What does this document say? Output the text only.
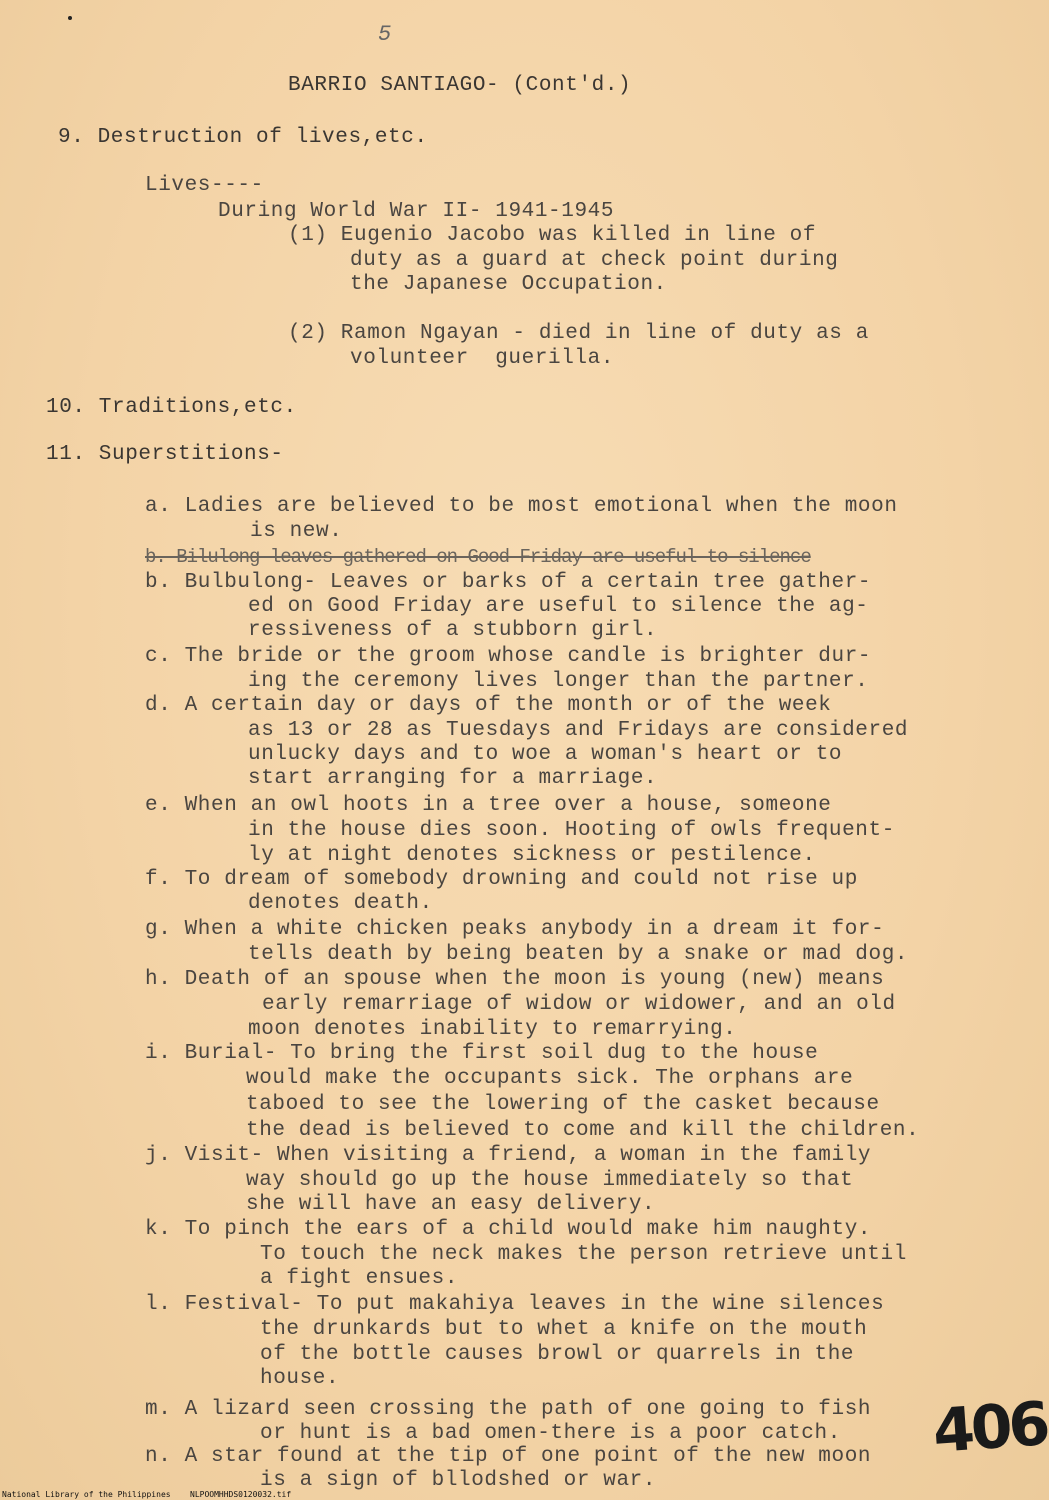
5
BARRIO SANTIAGO- (Cont'd.)
9. Destruction of lives,etc.
Lives----
During World War II- 1941-1945
(1) Eugenio Jacobo was killed in line of
duty as a guard at check point during
the Japanese Occupation.
(2) Ramon Ngayan - died in line of duty as a
volunteer  guerilla.
10. Traditions,etc.
11. Superstitions-
a. Ladies are believed to be most emotional when the moon
is new.
b. Bilulong leaves gathered on Good Friday are useful to silence
b. Bulbulong- Leaves or barks of a certain tree gather-
ed on Good Friday are useful to silence the ag-
ressiveness of a stubborn girl.
c. The bride or the groom whose candle is brighter dur-
ing the ceremony lives longer than the partner.
d. A certain day or days of the month or of the week
as 13 or 28 as Tuesdays and Fridays are considered
unlucky days and to woe a woman's heart or to
start arranging for a marriage.
e. When an owl hoots in a tree over a house, someone
in the house dies soon. Hooting of owls frequent-
ly at night denotes sickness or pestilence.
f. To dream of somebody drowning and could not rise up
denotes death.
g. When a white chicken peaks anybody in a dream it for-
tells death by being beaten by a snake or mad dog.
h. Death of an spouse when the moon is young (new) means
early remarriage of widow or widower, and an old
moon denotes inability to remarrying.
i. Burial- To bring the first soil dug to the house
would make the occupants sick. The orphans are
taboed to see the lowering of the casket because
the dead is believed to come and kill the children.
j. Visit- When visiting a friend, a woman in the family
way should go up the house immediately so that
she will have an easy delivery.
k. To pinch the ears of a child would make him naughty.
To touch the neck makes the person retrieve until
a fight ensues.
l. Festival- To put makahiya leaves in the wine silences
the drunkards but to whet a knife on the mouth
of the bottle causes browl or quarrels in the
house.
m. A lizard seen crossing the path of one going to fish
or hunt is a bad omen-there is a poor catch.
n. A star found at the tip of one point of the new moon
is a sign of bllodshed or war.
406
National Library of the Philippines NLPOOMHHDS0120032.tif
